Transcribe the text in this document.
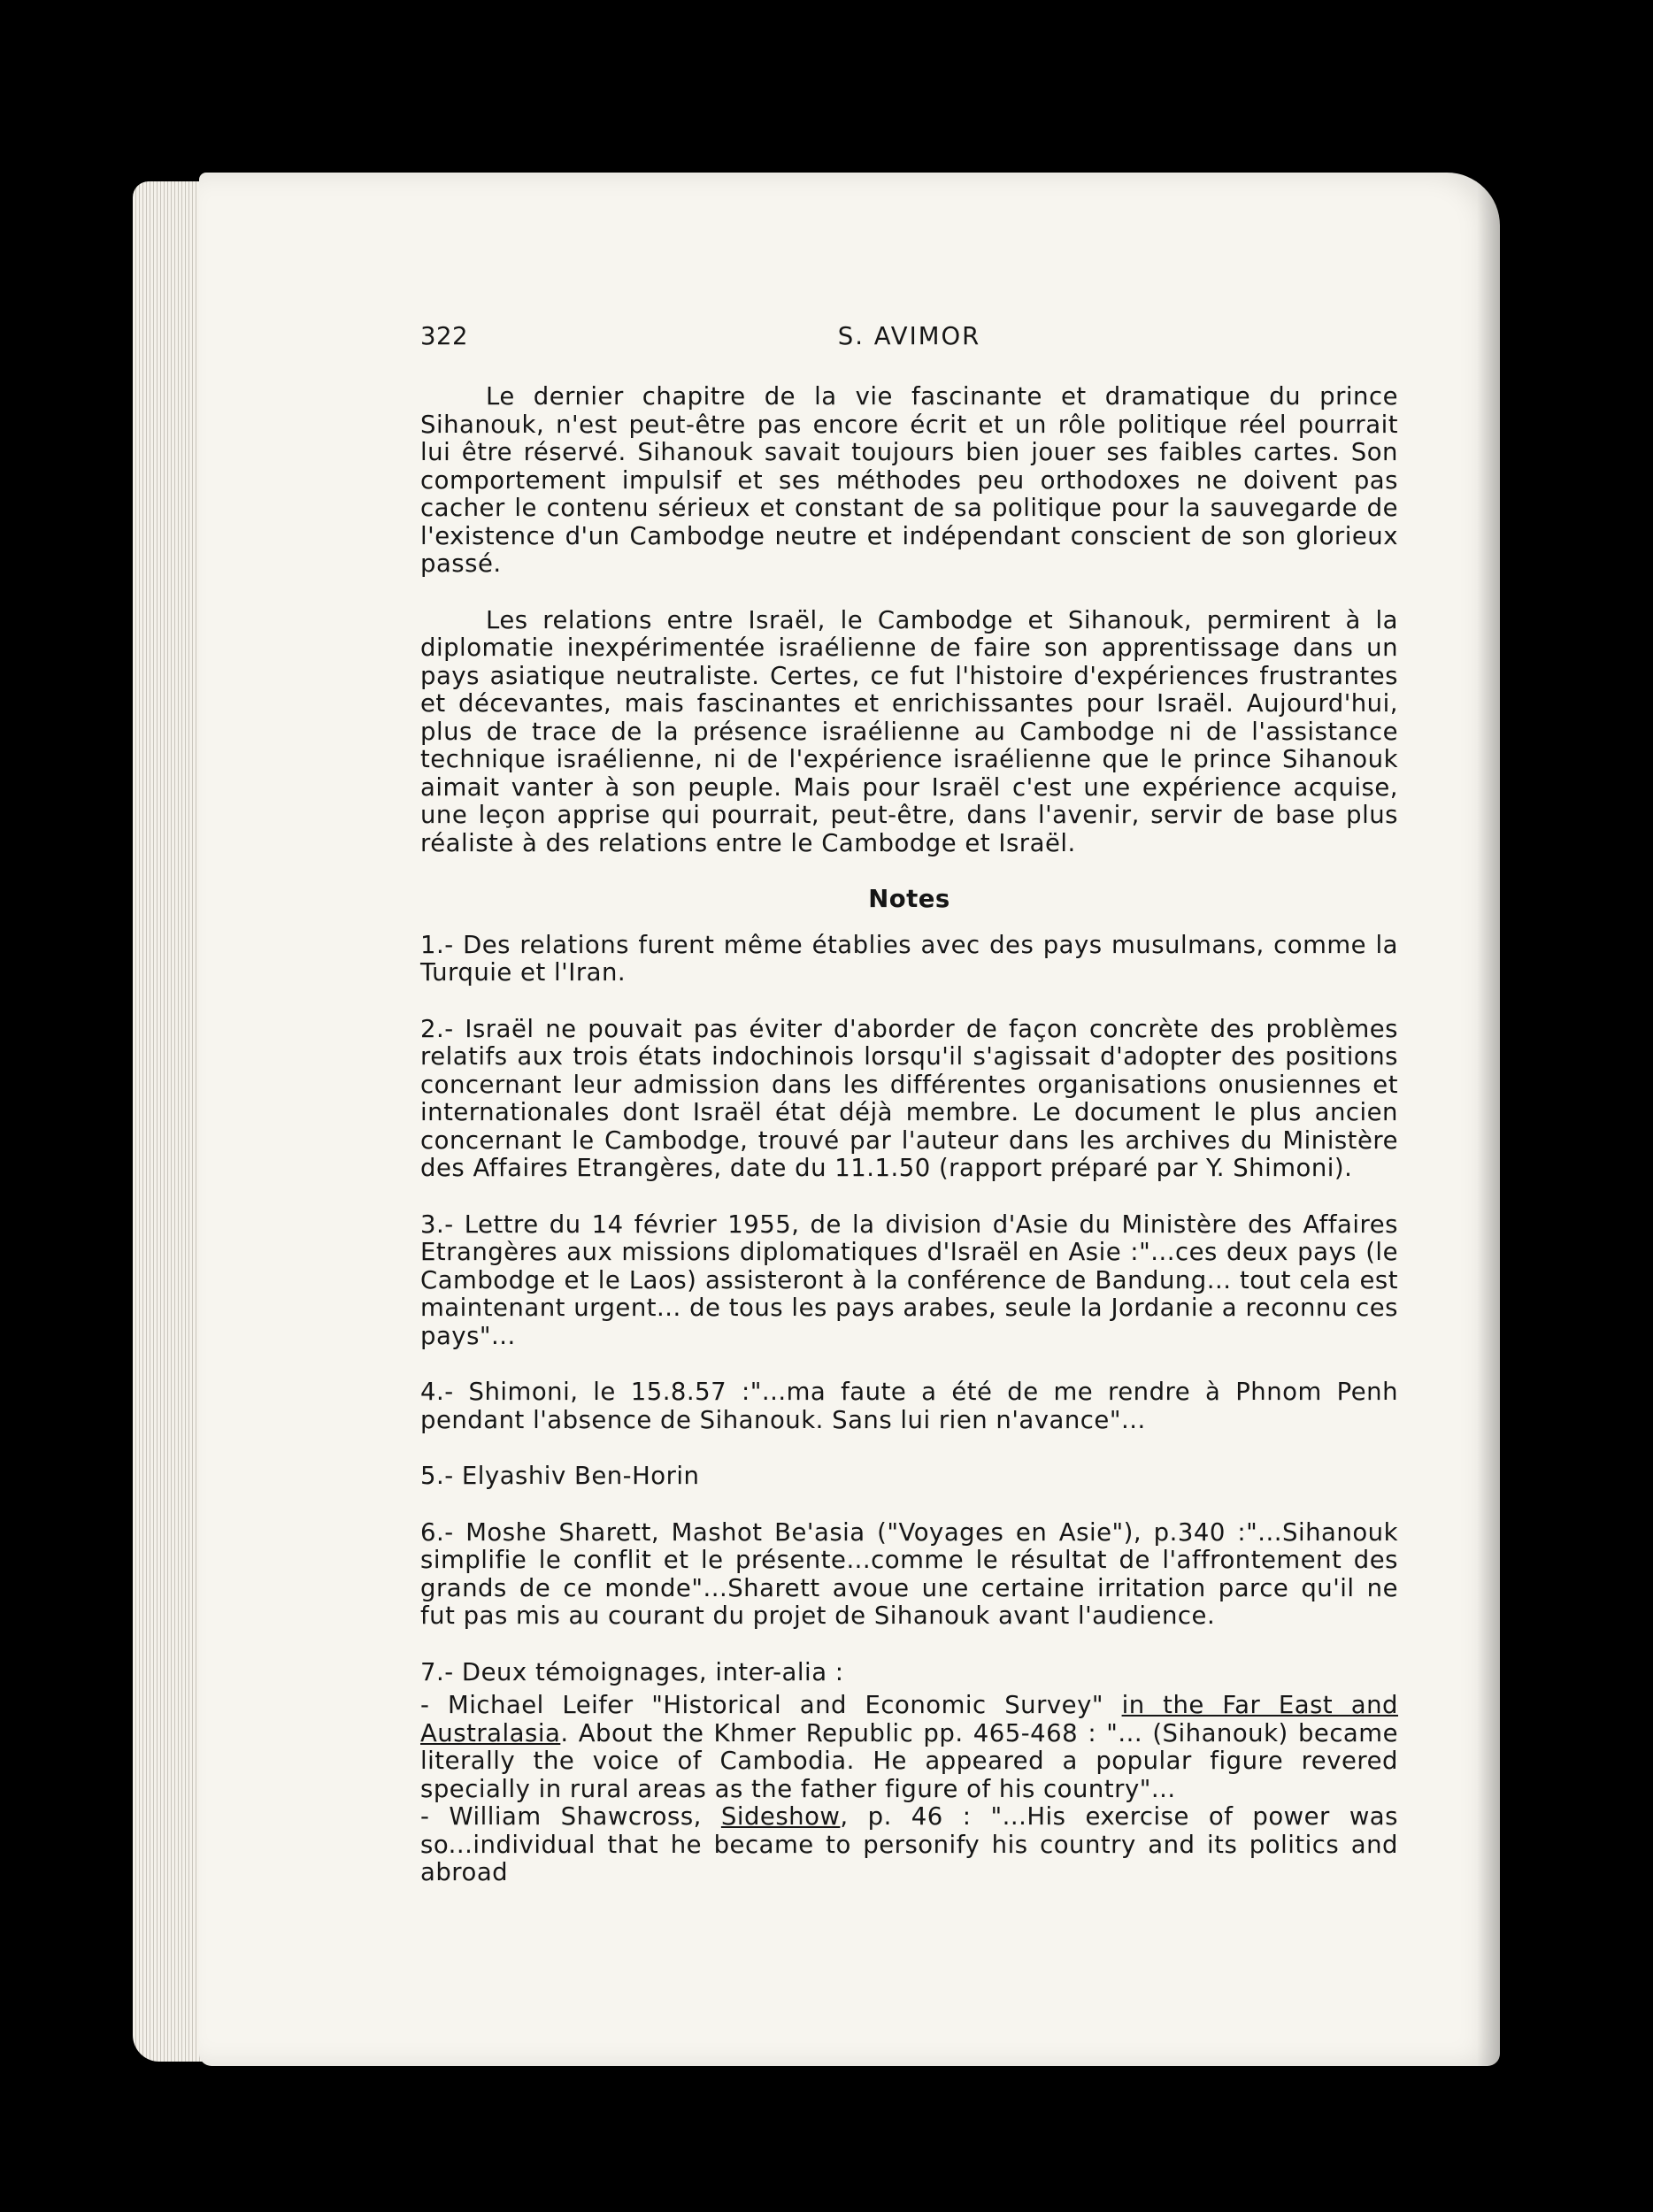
322	S. AVIMOR

Le dernier chapitre de la vie fascinante et dramatique du prince Sihanouk, n'est peut-être pas encore écrit et un rôle politique réel pourrait lui être réservé. Sihanouk savait toujours bien jouer ses faibles cartes. Son comportement impulsif et ses méthodes peu orthodoxes ne doivent pas cacher le contenu sérieux et constant de sa politique pour la sauvegarde de l'existence d'un Cambodge neutre et indépendant conscient de son glorieux passé.

Les relations entre Israël, le Cambodge et Sihanouk, permirent à la diplomatie inexpérimentée israélienne de faire son apprentissage dans un pays asiatique neutraliste. Certes, ce fut l'histoire d'expériences frustrantes et décevantes, mais fascinantes et enrichissantes pour Israël. Aujourd'hui, plus de trace de la présence israélienne au Cambodge ni de l'assistance technique israélienne, ni de l'expérience israélienne que le prince Sihanouk aimait vanter à son peuple. Mais pour Israël c'est une expérience acquise, une leçon apprise qui pourrait, peut-être, dans l'avenir, servir de base plus réaliste à des relations entre le Cambodge et Israël.

Notes

1.- Des relations furent même établies avec des pays musulmans, comme la Turquie et l'Iran.

2.- Israël ne pouvait pas éviter d'aborder de façon concrète des problèmes relatifs aux trois états indochinois lorsqu'il s'agissait d'adopter des positions concernant leur admission dans les différentes organisations onusiennes et internationales dont Israël état déjà membre. Le document le plus ancien concernant le Cambodge, trouvé par l'auteur dans les archives du Ministère des Affaires Etrangères, date du 11.1.50 (rapport préparé par Y. Shimoni).

3.- Lettre du 14 février 1955, de la division d'Asie du Ministère des Affaires Etrangères aux missions diplomatiques d'Israël en Asie :"...ces deux pays (le Cambodge et le Laos) assisteront à la conférence de Bandung... tout cela est maintenant urgent... de tous les pays arabes, seule la Jordanie a reconnu ces pays"...

4.- Shimoni, le 15.8.57 :"...ma faute a été de me rendre à Phnom Penh pendant l'absence de Sihanouk. Sans lui rien n'avance"...

5.- Elyashiv Ben-Horin

6.- Moshe Sharett, Mashot Be'asia ("Voyages en Asie"), p.340 :"...Sihanouk simplifie le conflit et le présente...comme le résultat de l'affrontement des grands de ce monde"...Sharett avoue une certaine irritation parce qu'il ne fut pas mis au courant du projet de Sihanouk avant l'audience.

7.- Deux témoignages, inter-alia :

- Michael Leifer "Historical and Economic Survey" in the Far East and Australasia. About the Khmer Republic pp. 465-468 : "... (Sihanouk) became literally the voice of Cambodia. He appeared a popular figure revered specially in rural areas as the father figure of his country"...

- William Shawcross, Sideshow, p. 46 : "...His exercise of power was so...individual that he became to personify his country and its politics and abroad
